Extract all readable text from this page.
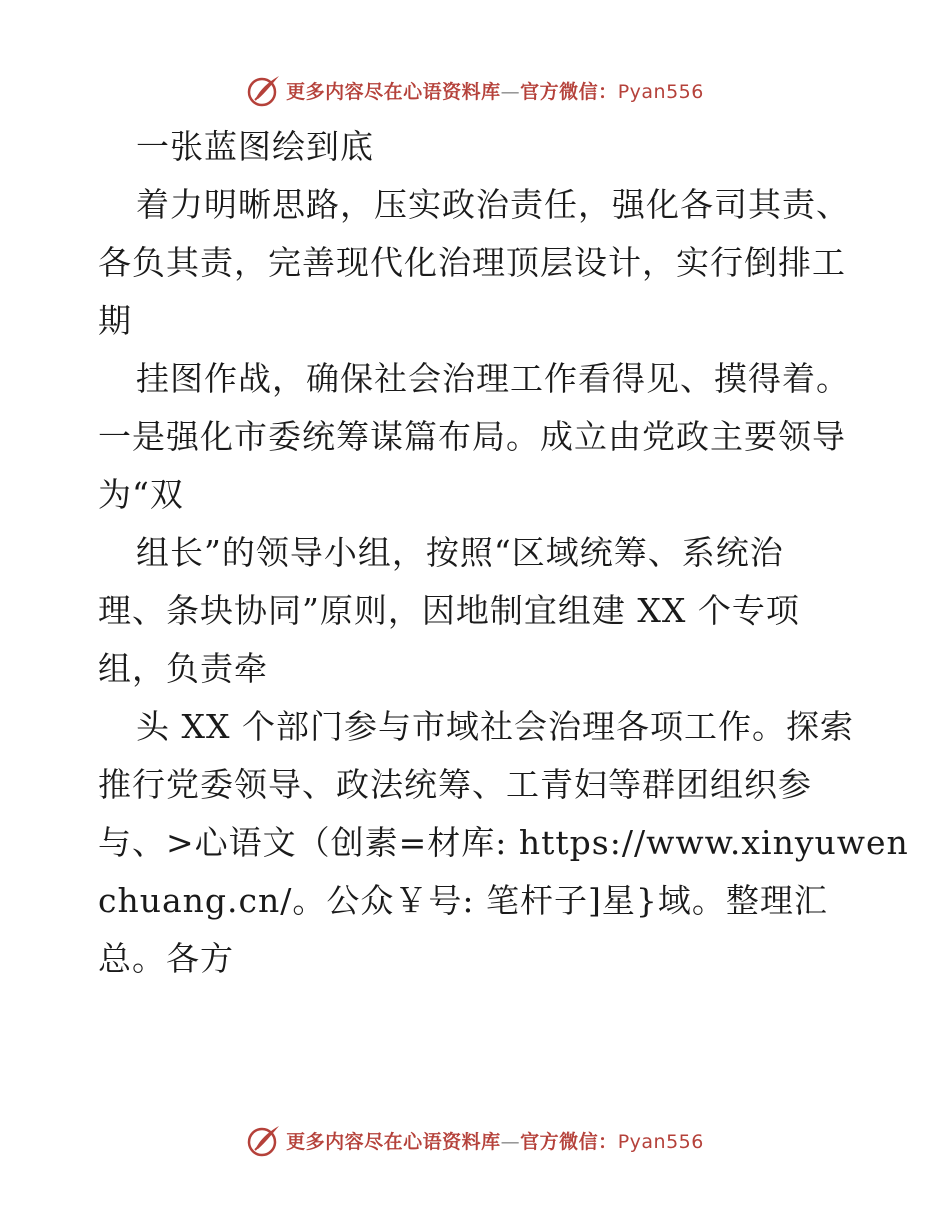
更多内容尽在心语资料库—官方微信：Pyan556
一张蓝图绘到底
着力明晰思路，压实政治责任，强化各司其责、
各负其责，完善现代化治理顶层设计，实行倒排工
期
挂图作战，确保社会治理工作看得见、摸得着。
一是强化市委统筹谋篇布局。成立由党政主要领导
为“双
组长”的领导小组，按照“区域统筹、系统治
理、条块协同”原则，因地制宜组建 XX 个专项
组，负责牵
头 XX 个部门参与市域社会治理各项工作。探索
推行党委领导、政法统筹、工青妇等群团组织参
与、>心语文（创素=材库: https://www.xinyuwen
chuang.cn/。公众￥号: 笔杆子]星}域。整理汇
总。各方
更多内容尽在心语资料库—官方微信：Pyan556
